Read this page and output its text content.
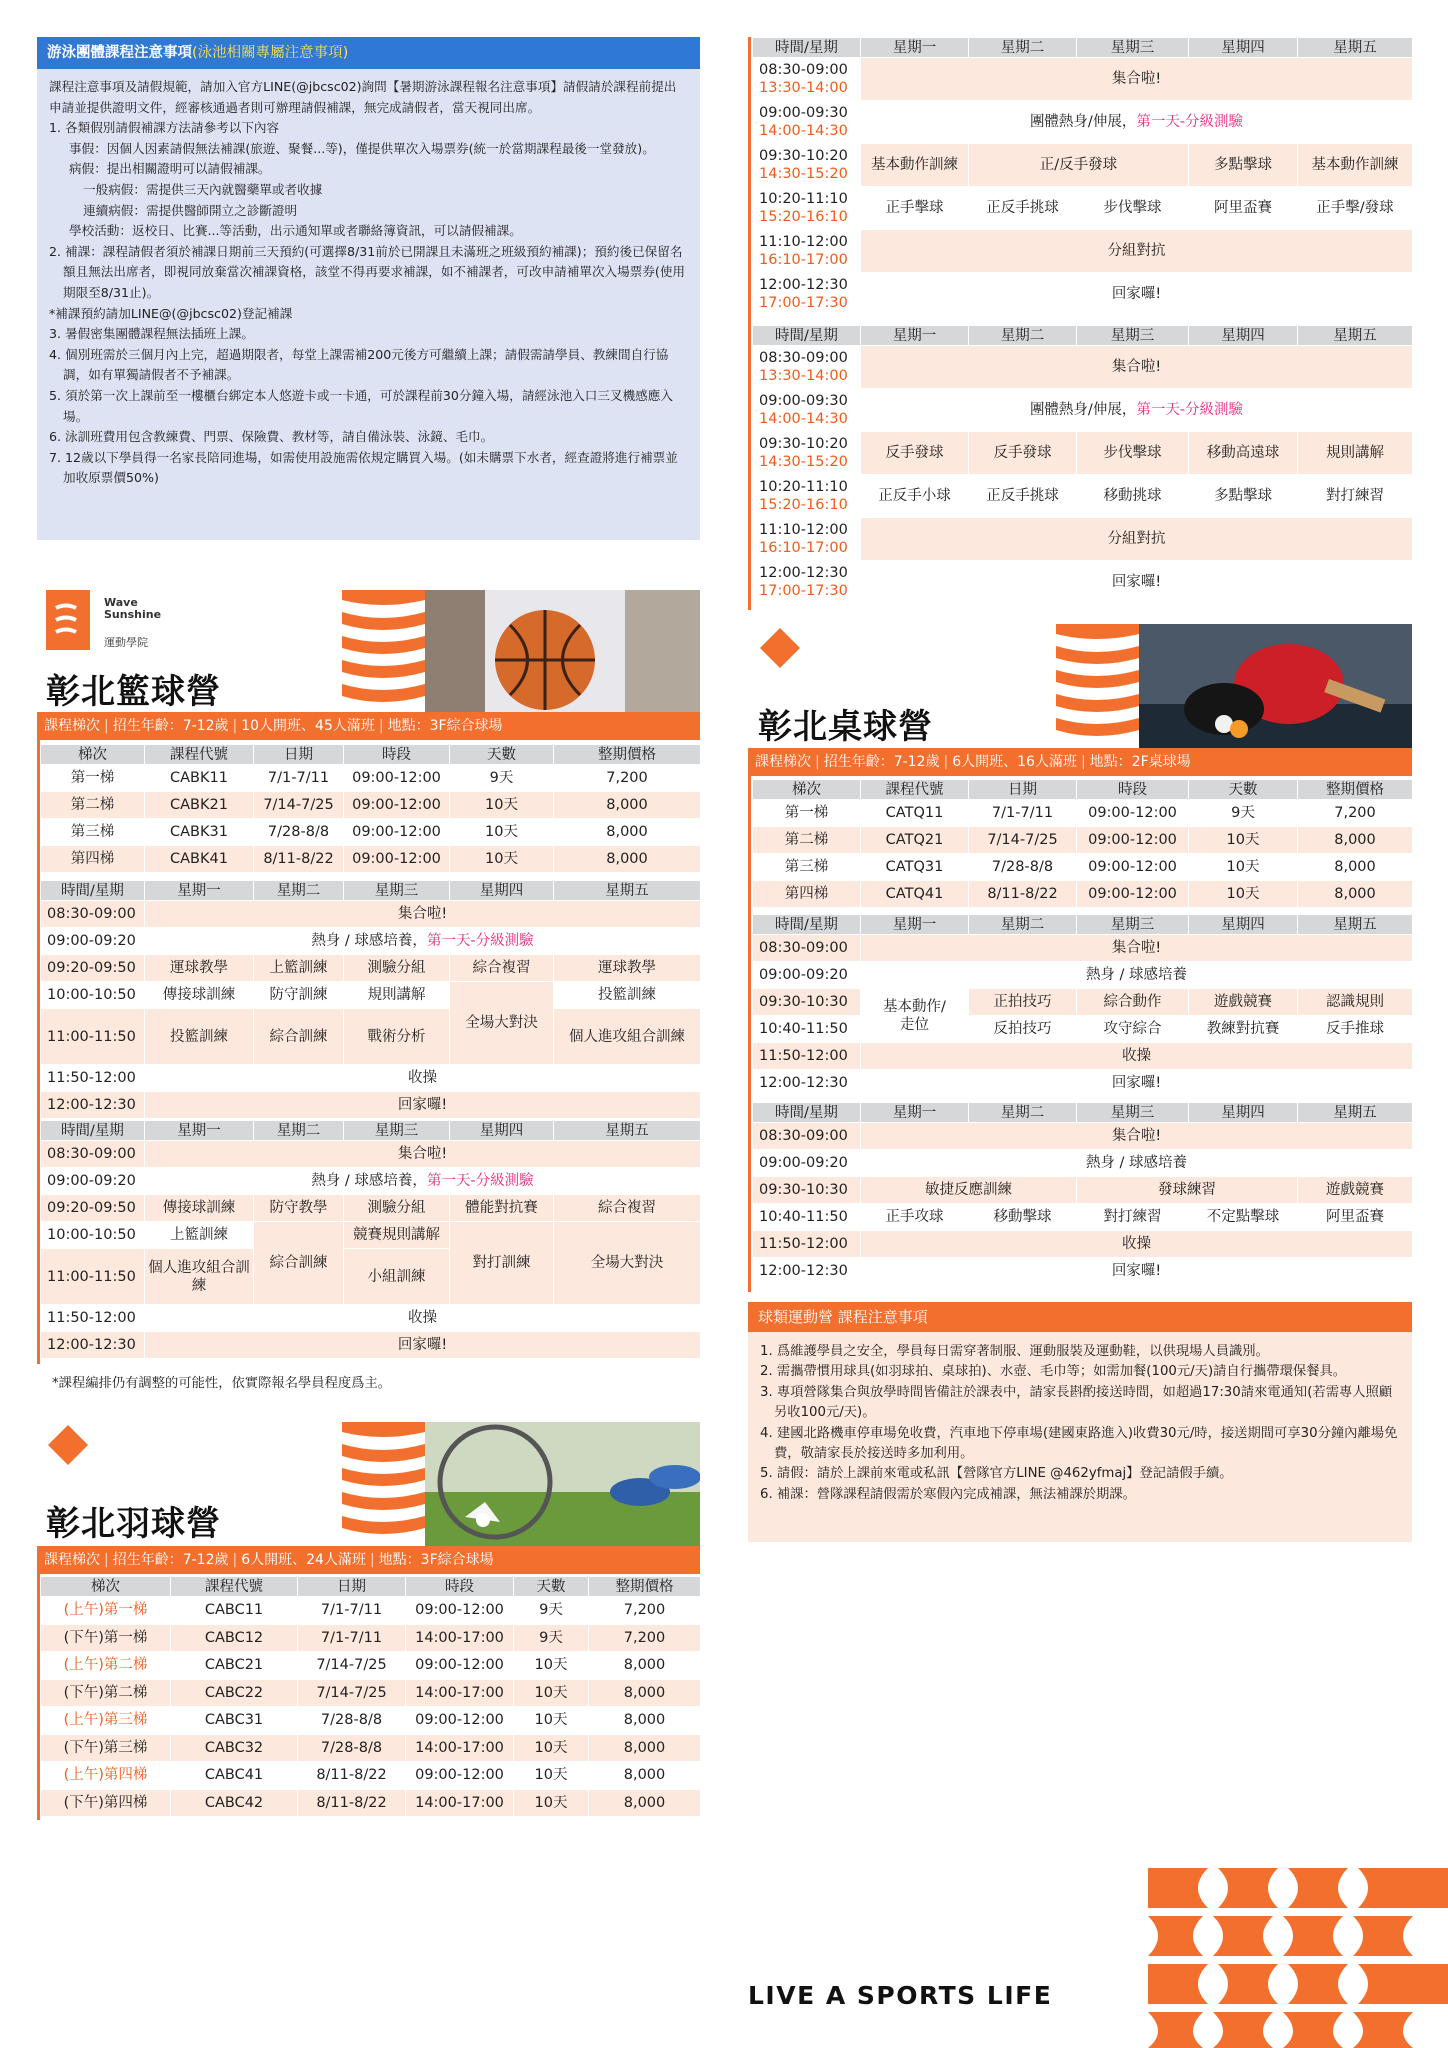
游泳團體課程注意事項(泳池相關專屬注意事項)
課程注意事項及請假規範，請加入官方LINE(@jbcsc02)詢問【暑期游泳課程報名注意事項】請假請於課程前提出申請並提供證明文件，經審核通過者則可辦理請假補課，無完成請假者，當天視同出席。
1. 各類假別請假補課方法請參考以下內容
事假：因個人因素請假無法補課(旅遊、聚餐...等)，僅提供單次入場票券(統一於當期課程最後一堂發放)。
病假：提出相關證明可以請假補課。
一般病假：需提供三天內就醫藥單或者收據
連續病假：需提供醫師開立之診斷證明
學校活動：返校日、比賽...等活動，出示通知單或者聯絡簿資訊，可以請假補課。
2. 補課：課程請假者須於補課日期前三天預約(可選擇8/31前於已開課且未滿班之班級預約補課)；預約後已保留名額且無法出席者，即視同放棄當次補課資格，該堂不得再要求補課，如不補課者，可改申請補單次入場票券(使用期限至8/31止)。
*補課預約請加LINE@(@jbcsc02)登記補課
3. 暑假密集團體課程無法插班上課。
4. 個別班需於三個月內上完，超過期限者，每堂上課需補200元後方可繼續上課；請假需請學員、教練間自行協調，如有單獨請假者不予補課。
5. 須於第一次上課前至一樓櫃台綁定本人悠遊卡或一卡通，可於課程前30分鐘入場，請經泳池入口三叉機感應入場。
6. 泳訓班費用包含教練費、門票、保險費、教材等，請自備泳裝、泳鏡、毛巾。
7. 12歲以下學員得一名家長陪同進場，如需使用設施需依規定購買入場。(如未購票下水者，經查證將進行補票並加收原票價50%)
Wave
Sunshine
運動學院
彰北籃球營
課程梯次 | 招生年齡：7-12歲 | 10人開班、45人滿班 | 地點：3F綜合球場
梯次	課程代號	日期	時段	天數	整期價格
第一梯	CABK11	7/1-7/11	09:00-12:00	9天	7,200
第二梯	CABK21	7/14-7/25	09:00-12:00	10天	8,000
第三梯	CABK31	7/28-8/8	09:00-12:00	10天	8,000
第四梯	CABK41	8/11-8/22	09:00-12:00	10天	8,000
時間/星期	星期一	星期二	星期三	星期四	星期五
08:30-09:00	集合啦!				
09:00-09:20	熱身 / 球感培養，第一天-分級測驗				
09:20-09:50	運球教學	上籃訓練	測驗分組	綜合複習	運球教學
10:00-10:50	傳接球訓練	防守訓練	規則講解	全場大對決	投籃訓練
11:00-11:50	投籃訓練	綜合訓練	戰術分析		個人進攻組合訓練
11:50-12:00	收操				
12:00-12:30	回家囉!				
時間/星期	星期一	星期二	星期三	星期四	星期五
08:30-09:00	集合啦!				
09:00-09:20	熱身 / 球感培養，第一天-分級測驗				
09:20-09:50	傳接球訓練	防守教學	測驗分組	體能對抗賽	綜合複習
10:00-10:50	上籃訓練	綜合訓練	競賽規則講解	對打訓練	全場大對決
11:00-11:50	個人進攻組合訓練		小組訓練		
11:50-12:00	收操				
12:00-12:30	回家囉!				
*課程編排仍有調整的可能性，依實際報名學員程度爲主。
彰北羽球營
課程梯次 | 招生年齡：7-12歲 | 6人開班、24人滿班 | 地點：3F綜合球場
梯次	課程代號	日期	時段	天數	整期價格
(上午)第一梯	CABC11	7/1-7/11	09:00-12:00	9天	7,200
(下午)第一梯	CABC12	7/1-7/11	14:00-17:00	9天	7,200
(上午)第二梯	CABC21	7/14-7/25	09:00-12:00	10天	8,000
(下午)第二梯	CABC22	7/14-7/25	14:00-17:00	10天	8,000
(上午)第三梯	CABC31	7/28-8/8	09:00-12:00	10天	8,000
(下午)第三梯	CABC32	7/28-8/8	14:00-17:00	10天	8,000
(上午)第四梯	CABC41	8/11-8/22	09:00-12:00	10天	8,000
(下午)第四梯	CABC42	8/11-8/22	14:00-17:00	10天	8,000
時間/星期	星期一	星期二	星期三	星期四	星期五

08:30-09:00
13:30-14:00	集合啦!				

09:00-09:30
14:00-14:30	團體熱身/伸展，第一天-分級測驗				

09:30-10:20
14:30-15:20	基本動作訓練	正/反手發球		多點擊球	基本動作訓練

10:20-11:10
15:20-16:10	正手擊球	正反手挑球	步伐擊球	阿里盃賽	正手擊/發球

11:10-12:00
16:10-17:00	分組對抗				

12:00-12:30
17:00-17:30	回家囉!				
時間/星期	星期一	星期二	星期三	星期四	星期五

08:30-09:00
13:30-14:00	集合啦!				

09:00-09:30
14:00-14:30	團體熱身/伸展，第一天-分級測驗				

09:30-10:20
14:30-15:20	反手發球	反手發球	步伐擊球	移動高遠球	規則講解

10:20-11:10
15:20-16:10	正反手小球	正反手挑球	移動挑球	多點擊球	對打練習

11:10-12:00
16:10-17:00	分組對抗				

12:00-12:30
17:00-17:30	回家囉!				
彰北桌球營
課程梯次 | 招生年齡：7-12歲 | 6人開班、16人滿班 | 地點：2F桌球場
梯次	課程代號	日期	時段	天數	整期價格
第一梯	CATQ11	7/1-7/11	09:00-12:00	9天	7,200
第二梯	CATQ21	7/14-7/25	09:00-12:00	10天	8,000
第三梯	CATQ31	7/28-8/8	09:00-12:00	10天	8,000
第四梯	CATQ41	8/11-8/22	09:00-12:00	10天	8,000
時間/星期	星期一	星期二	星期三	星期四	星期五
08:30-09:00	集合啦!				
09:00-09:20	熱身 / 球感培養				
09:30-10:30	基本動作/走位	正拍技巧	綜合動作	遊戲競賽	認識規則
10:40-11:50		反拍技巧	攻守綜合	教練對抗賽	反手推球
11:50-12:00	收操				
12:00-12:30	回家囉!				
時間/星期	星期一	星期二	星期三	星期四	星期五
08:30-09:00	集合啦!				
09:00-09:20	熱身 / 球感培養				
09:30-10:30	敏捷反應訓練		發球練習		遊戲競賽
10:40-11:50	正手攻球	移動擊球	對打練習	不定點擊球	阿里盃賽
11:50-12:00	收操				
12:00-12:30	回家囉!				
球類運動營 課程注意事項
1. 爲維護學員之安全，學員每日需穿著制服、運動服裝及運動鞋，以供現場人員識別。
2. 需攜帶慣用球具(如羽球拍、桌球拍)、水壺、毛巾等；如需加餐(100元/天)請自行攜帶環保餐具。
3. 專項營隊集合與放學時間皆備註於課表中，請家長斟酌接送時間，如超過17:30請來電通知(若需專人照顧另收100元/天)。
4. 建國北路機車停車場免收費，汽車地下停車場(建國東路進入)收費30元/時，接送期間可享30分鐘內離場免費，敬請家長於接送時多加利用。
5. 請假：請於上課前來電或私訊【營隊官方LINE @462yfmaj】登記請假手續。
6. 補課：營隊課程請假需於寒假內完成補課，無法補課於期課。
LIVE A SPORTS LIFE
